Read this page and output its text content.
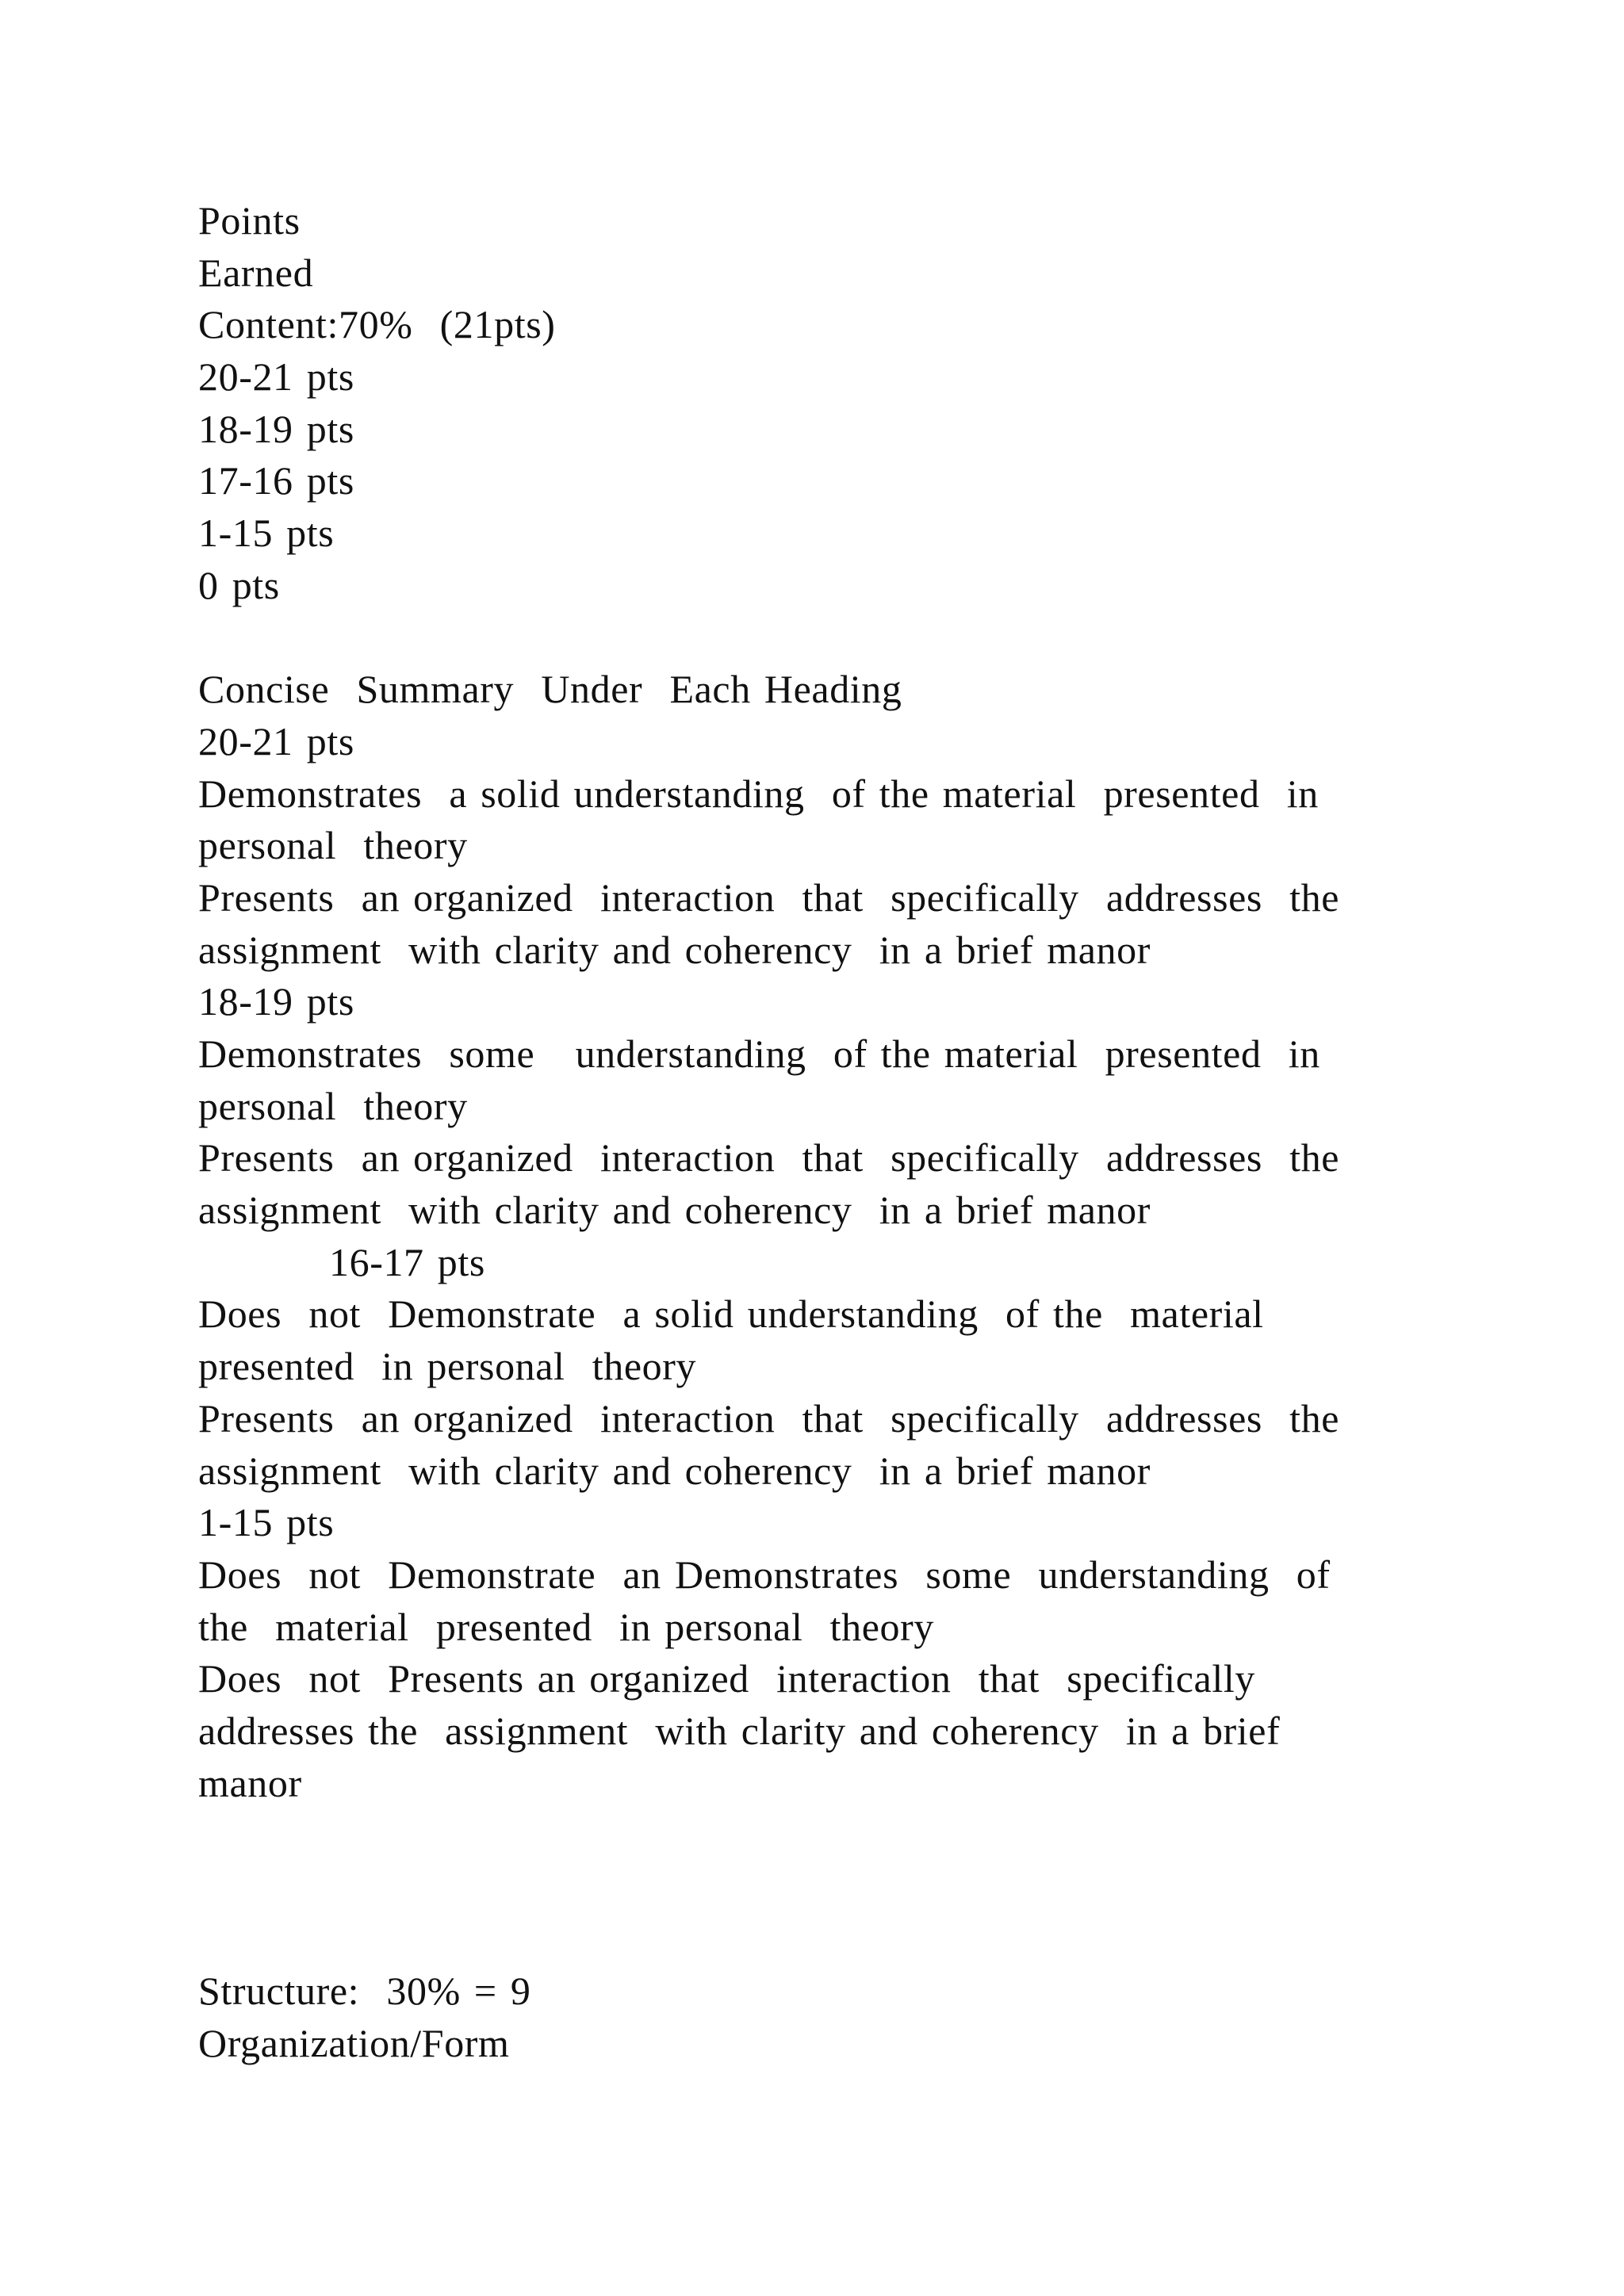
Points

Earned

Content:70%  (21pts)

20-21 pts

18-19 pts

17-16 pts

1-15 pts

0 pts

Concise  Summary  Under  Each Heading

20-21 pts

Demonstrates  a solid understanding  of the material  presented  in

personal  theory

Presents  an organized  interaction  that  specifically  addresses  the

assignment  with clarity and coherency  in a brief manor

18-19 pts

Demonstrates  some   understanding  of the material  presented  in

personal  theory

Presents  an organized  interaction  that  specifically  addresses  the

assignment  with clarity and coherency  in a brief manor

16-17 pts

Does  not  Demonstrate  a solid understanding  of the  material

presented  in personal  theory

Presents  an organized  interaction  that  specifically  addresses  the

assignment  with clarity and coherency  in a brief manor

1-15 pts

Does  not  Demonstrate  an Demonstrates  some  understanding  of

the  material  presented  in personal  theory

Does  not  Presents an organized  interaction  that  specifically

addresses the  assignment  with clarity and coherency  in a brief

manor

Structure:  30% = 9

Organization/Form
